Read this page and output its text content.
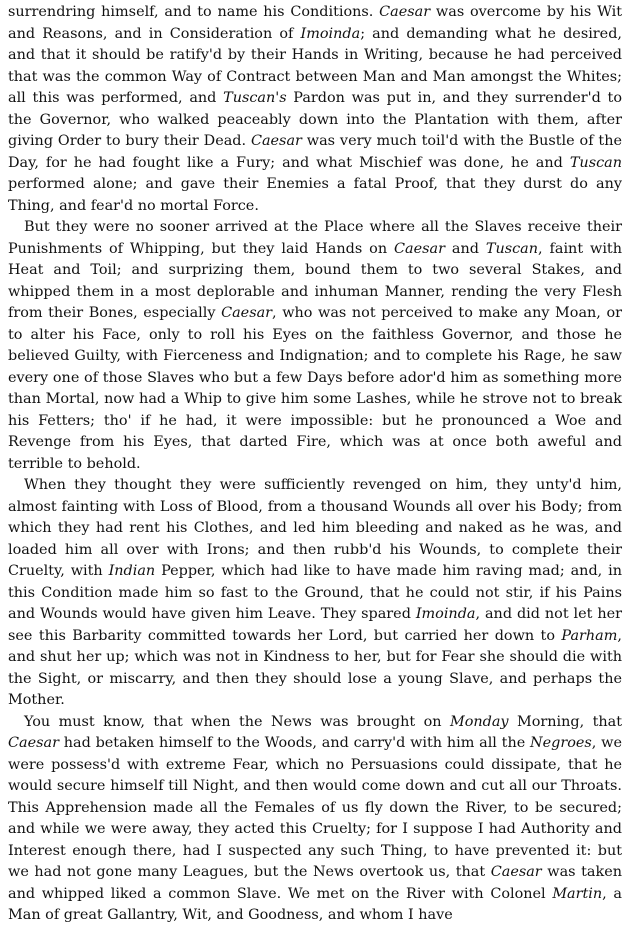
surrendring himself, and to name his Conditions. Caesar was overcome by his Wit and Reasons, and in Consideration of Imoinda; and demanding what he desired, and that it should be ratify'd by their Hands in Writing, because he had perceived that was the common Way of Contract between Man and Man amongst the Whites; all this was performed, and Tuscan's Pardon was put in, and they surrender'd to the Governor, who walked peaceably down into the Plantation with them, after giving Order to bury their Dead. Caesar was very much toil'd with the Bustle of the Day, for he had fought like a Fury; and what Mischief was done, he and Tuscan performed alone; and gave their Enemies a fatal Proof, that they durst do any Thing, and fear'd no mortal Force.

But they were no sooner arrived at the Place where all the Slaves receive their Punishments of Whipping, but they laid Hands on Caesar and Tuscan, faint with Heat and Toil; and surprizing them, bound them to two several Stakes, and whipped them in a most deplorable and inhuman Manner, rending the very Flesh from their Bones, especially Caesar, who was not perceived to make any Moan, or to alter his Face, only to roll his Eyes on the faithless Governor, and those he believed Guilty, with Fierceness and Indignation; and to complete his Rage, he saw every one of those Slaves who but a few Days before ador'd him as something more than Mortal, now had a Whip to give him some Lashes, while he strove not to break his Fetters; tho' if he had, it were impossible: but he pronounced a Woe and Revenge from his Eyes, that darted Fire, which was at once both aweful and terrible to behold.

When they thought they were sufficiently revenged on him, they unty'd him, almost fainting with Loss of Blood, from a thousand Wounds all over his Body; from which they had rent his Clothes, and led him bleeding and naked as he was, and loaded him all over with Irons; and then rubb'd his Wounds, to complete their Cruelty, with Indian Pepper, which had like to have made him raving mad; and, in this Condition made him so fast to the Ground, that he could not stir, if his Pains and Wounds would have given him Leave. They spared Imoinda, and did not let her see this Barbarity committed towards her Lord, but carried her down to Parham, and shut her up; which was not in Kindness to her, but for Fear she should die with the Sight, or miscarry, and then they should lose a young Slave, and perhaps the Mother.

You must know, that when the News was brought on Monday Morning, that Caesar had betaken himself to the Woods, and carry'd with him all the Negroes, we were possess'd with extreme Fear, which no Persuasions could dissipate, that he would secure himself till Night, and then would come down and cut all our Throats. This Apprehension made all the Females of us fly down the River, to be secured; and while we were away, they acted this Cruelty; for I suppose I had Authority and Interest enough there, had I suspected any such Thing, to have prevented it: but we had not gone many Leagues, but the News overtook us, that Caesar was taken and whipped liked a common Slave. We met on the River with Colonel Martin, a Man of great Gallantry, Wit, and Goodness, and whom I have
